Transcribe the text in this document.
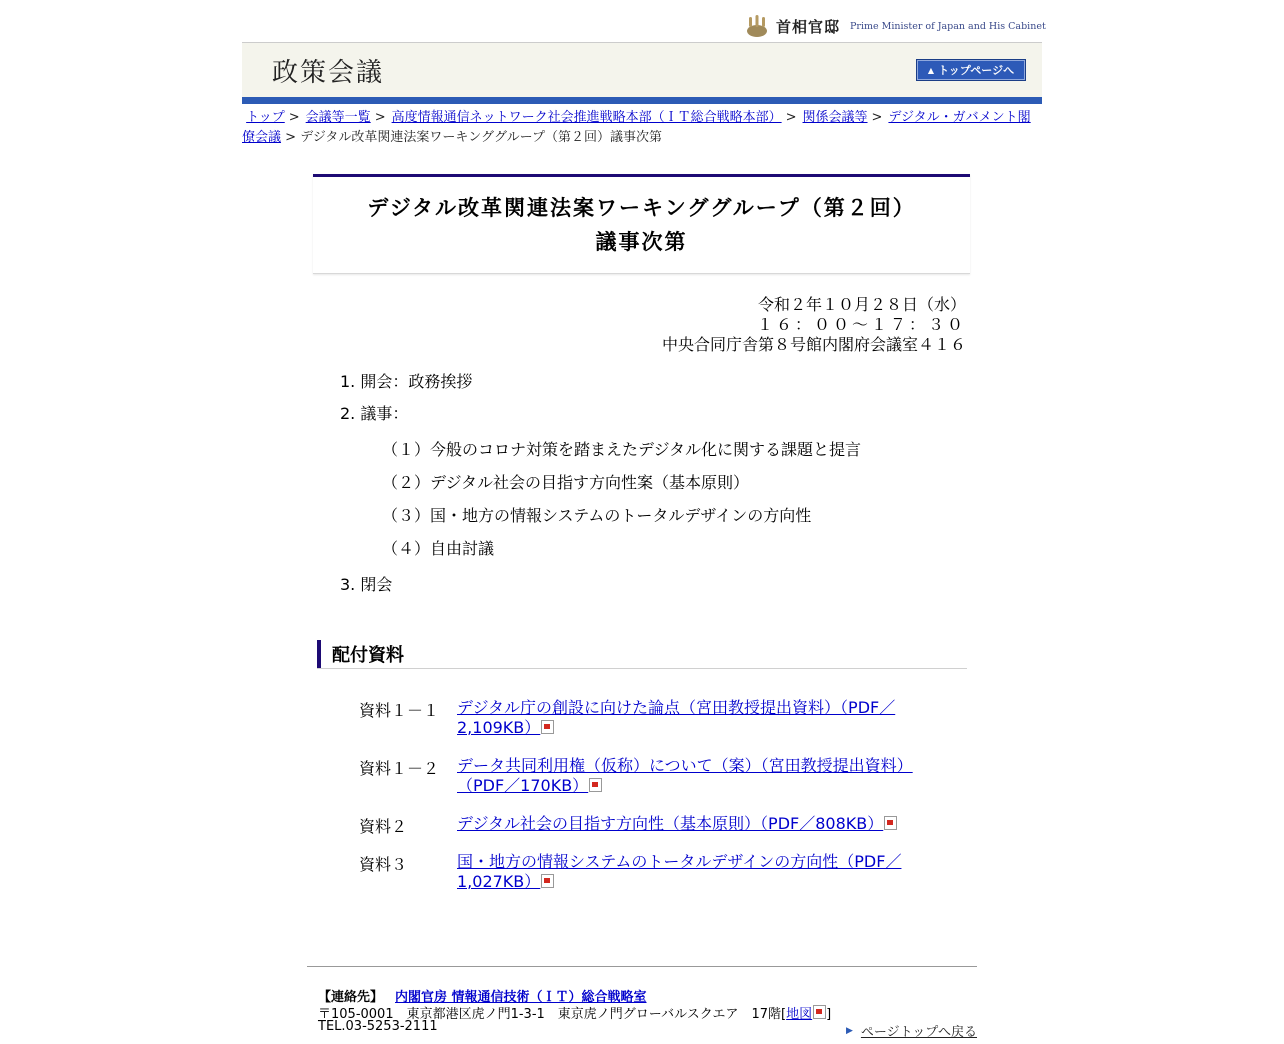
首相官邸 Prime Minister of Japan and His Cabinet
政策会議	▲ トップページへ
トップ > 会議等一覧 > 高度情報通信ネットワーク社会推進戦略本部（ＩＴ総合戦略本部） > 関係会議等 > デジタル・ガバメント閣僚会議 > デジタル改革関連法案ワーキンググループ（第２回）議事次第
デジタル改革関連法案ワーキンググループ（第２回）
議事次第
令和２年１０月２８日（水）
１６：００～１７：３０
中央合同庁舎第８号館内閣府会議室４１６
1. 開会：政務挨拶
2. 議事：
（１）今般のコロナ対策を踏まえたデジタル化に関する課題と提言
（２）デジタル社会の目指す方向性案（基本原則）
（３）国・地方の情報システムのトータルデザインの方向性
（４）自由討議
3. 閉会
配付資料
資料１－１ デジタル庁の創設に向けた論点（宮田教授提出資料）（PDF／2,109KB）
資料１－２ データ共同利用権（仮称）について（案）（宮田教授提出資料）（PDF／170KB）
資料２	デジタル社会の目指す方向性（基本原則）（PDF／808KB）
資料３	国・地方の情報システムのトータルデザインの方向性（PDF／1,027KB）
【連絡先】 内閣官房 情報通信技術（ＩＴ）総合戦略室
〒105-0001　東京都港区虎ノ門1-3-1　東京虎ノ門グローバルスクエア　17階[地図 ]
TEL.03-5253-2111	▶ ページトップへ戻る
